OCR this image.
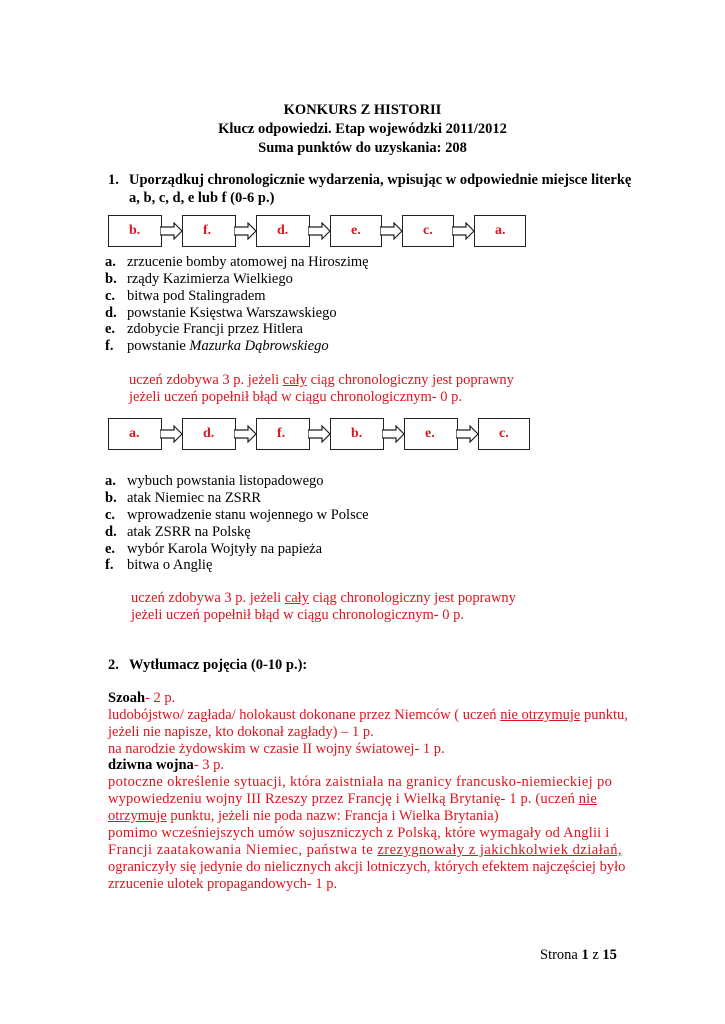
KONKURS Z HISTORII
Klucz odpowiedzi. Etap wojewódzki 2011/2012
Suma punktów do uzyskania: 208
1. Uporządkuj chronologicznie wydarzenia, wpisując w odpowiednie miejsce literkę
a, b, c, d, e lub f (0-6 p.)
b.	f.	d.	e.	c.	a.
a. zrzucenie bomby atomowej na Hiroszimę
b. rządy Kazimierza Wielkiego
c. bitwa pod Stalingradem
d. powstanie Księstwa Warszawskiego
e. zdobycie Francji przez Hitlera
f. powstanie Mazurka Dąbrowskiego
uczeń zdobywa 3 p. jeżeli cały ciąg chronologiczny jest poprawny
jeżeli uczeń popełnił błąd w ciągu chronologicznym- 0 p.
a.	d.	f.	b.	e.	c.
a. wybuch powstania listopadowego
b. atak Niemiec na ZSRR
c. wprowadzenie stanu wojennego w Polsce
d. atak ZSRR na Polskę
e. wybór Karola Wojtyły na papieża
f. bitwa o Anglię
uczeń zdobywa 3 p. jeżeli cały ciąg chronologiczny jest poprawny
jeżeli uczeń popełnił błąd w ciągu chronologicznym- 0 p.
2. Wytłumacz pojęcia (0-10 p.):
Szoah- 2 p.
ludobójstwo/ zagłada/ holokaust dokonane przez Niemców ( uczeń nie otrzymuje punktu,
jeżeli nie napisze, kto dokonał zagłady) – 1 p.
na narodzie żydowskim w czasie II wojny światowej- 1 p.
dziwna wojna- 3 p.
potoczne określenie sytuacji, która zaistniała na granicy francusko-niemieckiej po
wypowiedzeniu wojny III Rzeszy przez Francję i Wielką Brytanię- 1 p. (uczeń nie
otrzymuje punktu, jeżeli nie poda nazw: Francja i Wielka Brytania)
pomimo wcześniejszych umów sojuszniczych z Polską, które wymagały od Anglii i
Francji zaatakowania Niemiec, państwa te zrezygnowały z jakichkolwiek działań,
ograniczyły się jedynie do nielicznych akcji lotniczych, których efektem najczęściej było
zrzucenie ulotek propagandowych- 1 p.
Strona 1 z 15
